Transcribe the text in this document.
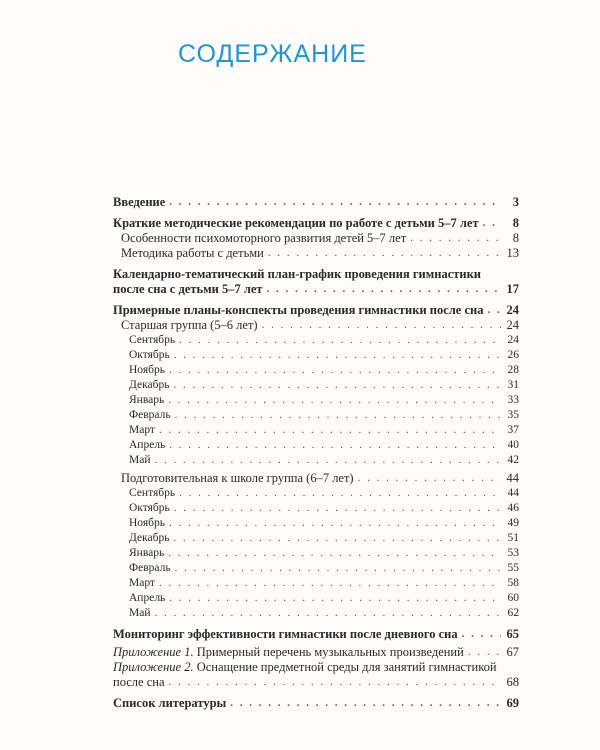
СОДЕРЖАНИЕ
Введение . . .	3
Краткие методические рекомендации по работе с детьми 5–7 лет . . .	8
Особенности психомоторного развития детей 5–7 лет . . .	8
Методика работы с детьми . . .	13
Календарно-тематический план-график проведения гимнастики
после сна с детьми 5–7 лет . . .	17
Примерные планы-конспекты проведения гимнастики после сна . . . 24
Старшая группа (5–6 лет) . . .	24
Сентябрь . . .	24
Октябрь . . .	26
Ноябрь . . .	28
Декабрь . . .	31
Январь . . .	33
Февраль . . .	35
Март . . .	37
Апрель . . .	40
Май . . .	42
Подготовительная к школе группа (6–7 лет) . . .	44
Сентябрь . . .	44
Октябрь . . .	46
Ноябрь . . .	49
Декабрь . . .	51
Январь . . .	53
Февраль . . .	55
Март . . .	58
Апрель . . .	60
Май . . .	62
Мониторинг эффективности гимнастики после дневного сна . . .	65
Приложение 1. Примерный перечень музыкальных произведений . . .	67
Приложение 2. Оснащение предметной среды для занятий гимнастикой
после сна . . .	68
Список литературы . . .	69
